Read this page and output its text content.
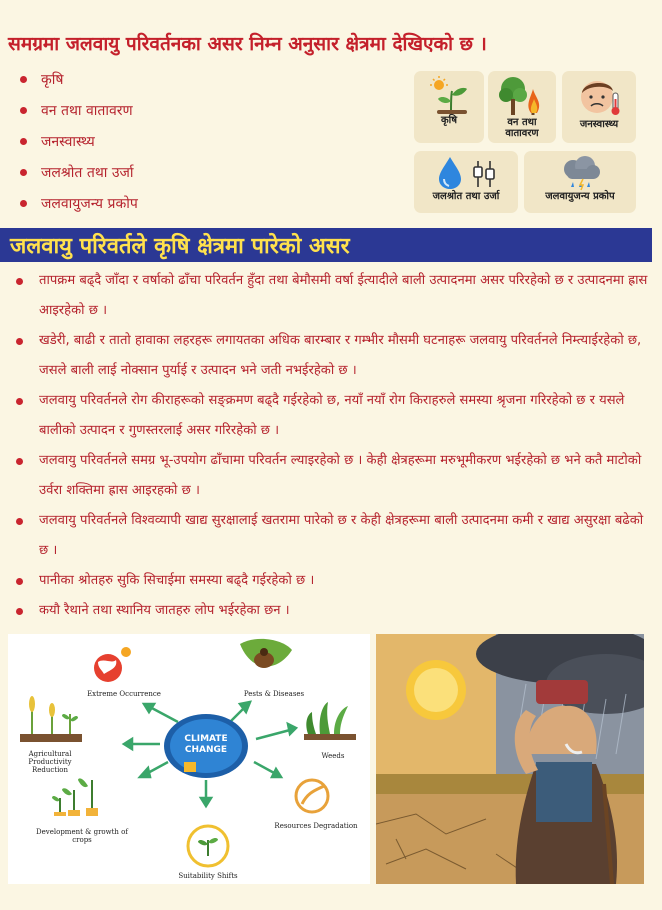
समग्रमा जलवायु परिवर्तनका असर निम्न अनुसार क्षेत्रमा देखिएको छ ।
कृषि
वन तथा वातावरण
जनस्वास्थ्य
जलश्रोत तथा उर्जा
जलवायुजन्य प्रकोप
कृषि	वन तथा
वातावरण
जनस्वास्थ्य
जलश्रोत तथा उर्जा	जलवायुजन्य प्रकोप
जलवायु परिवर्तले कृषि क्षेत्रमा पारेको असर
तापक्रम बढ्दै जाँदा र वर्षाको ढाँचा परिवर्तन हुँदा तथा बेमौसमी वर्षा ईत्यादीले बाली उत्पादनमा असर परिरहेको छ र उत्पादनमा ह्रास आइरहेको छ ।
खडेरी, बाढी र तातो हावाका लहरहरू लगायतका अधिक बारम्बार र गम्भीर मौसमी घटनाहरू जलवायु परिवर्तनले निम्त्याईरहेको छ, जसले बाली लाई नोक्सान पुर्याई र उत्पादन भने जती नभईरहेको छ ।
जलवायु परिवर्तनले रोग कीराहरूको सङ्क्रमण बढ्दै गईरहेको छ, नयाँ नयाँ रोग किराहरुले समस्या श्रृजना गरिरहेको छ र यसले बालीको उत्पादन र गुणस्तरलाई असर गरिरहेको छ ।
जलवायु परिवर्तनले समग्र भू-उपयोग ढाँचामा परिवर्तन ल्याइरहेको छ । केही क्षेत्रहरूमा मरुभूमीकरण भईरहेको छ भने कतै माटोको उर्वरा शक्तिमा ह्रास आइरहको छ ।
जलवायु परिवर्तनले विश्वव्यापी खाद्य सुरक्षालाई खतरामा पारेको छ र केही क्षेत्रहरूमा बाली उत्पादनमा कमी र खाद्य असुरक्षा बढेको छ ।
पानीका श्रोतहरु सुकि सिचाईमा समस्या बढ्दै गईरहेको छ ।
कयौ रैथाने तथा स्थानिय जातहरु लोप भईरहेका छन ।
CLIMATE
CHANGE
Extreme Occurrence	Pests & Diseases
Weeds
Resources Degradation
Suitability Shifts
Development & growth of
crops
Agricultural Productivity
Reduction
